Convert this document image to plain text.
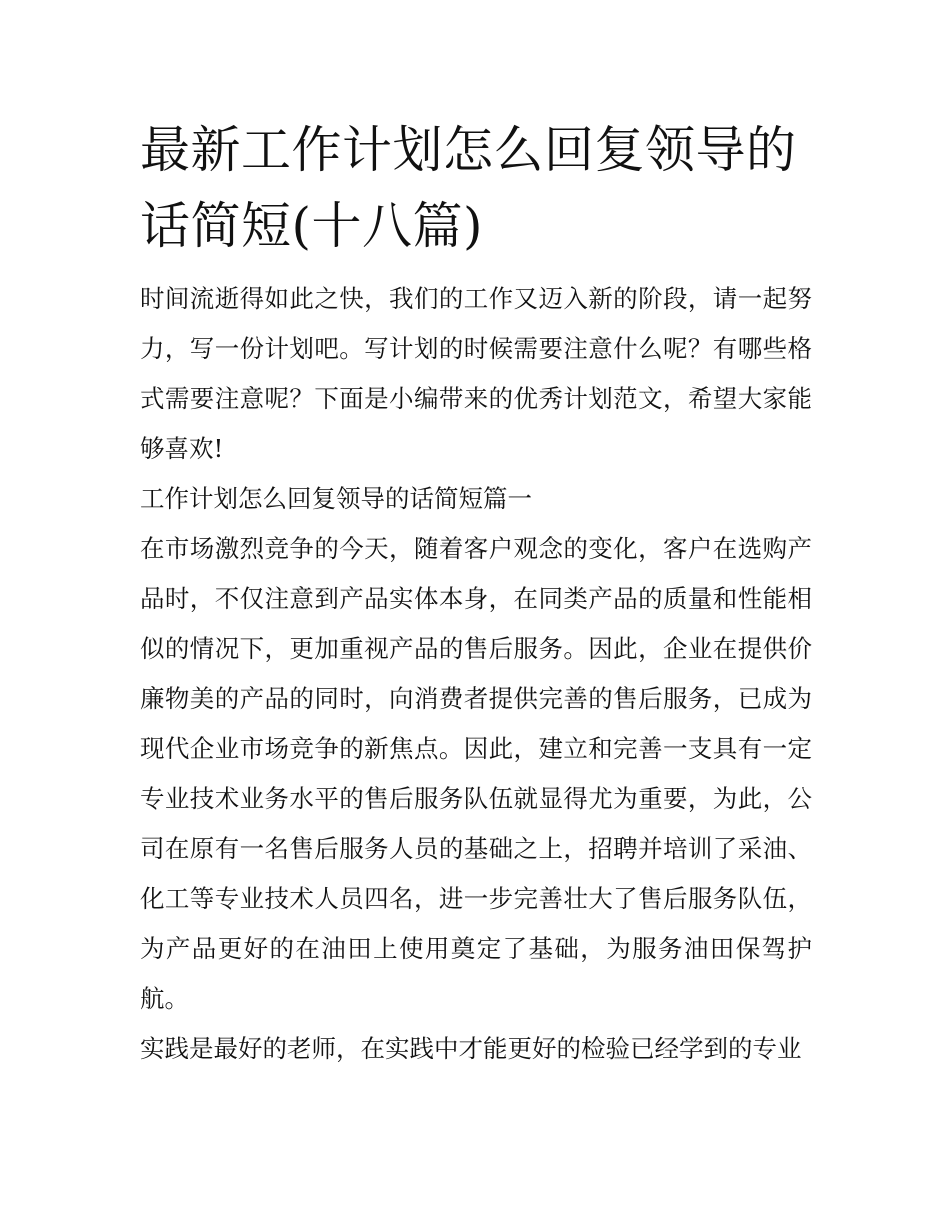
最新工作计划怎么回复领导的话简短(十八篇)

时间流逝得如此之快，我们的工作又迈入新的阶段，请一起努力，写一份计划吧。写计划的时候需要注意什么呢？有哪些格式需要注意呢？下面是小编带来的优秀计划范文，希望大家能够喜欢!

工作计划怎么回复领导的话简短篇一

在市场激烈竞争的今天，随着客户观念的变化，客户在选购产品时，不仅注意到产品实体本身，在同类产品的质量和性能相似的情况下，更加重视产品的售后服务。因此，企业在提供价廉物美的产品的同时，向消费者提供完善的售后服务，已成为现代企业市场竞争的新焦点。因此，建立和完善一支具有一定专业技术业务水平的售后服务队伍就显得尤为重要，为此，公司在原有一名售后服务人员的基础之上，招聘并培训了采油、化工等专业技术人员四名，进一步完善壮大了售后服务队伍，为产品更好的在油田上使用奠定了基础，为服务油田保驾护航。

实践是最好的老师，在实践中才能更好的检验已经学到的专业
